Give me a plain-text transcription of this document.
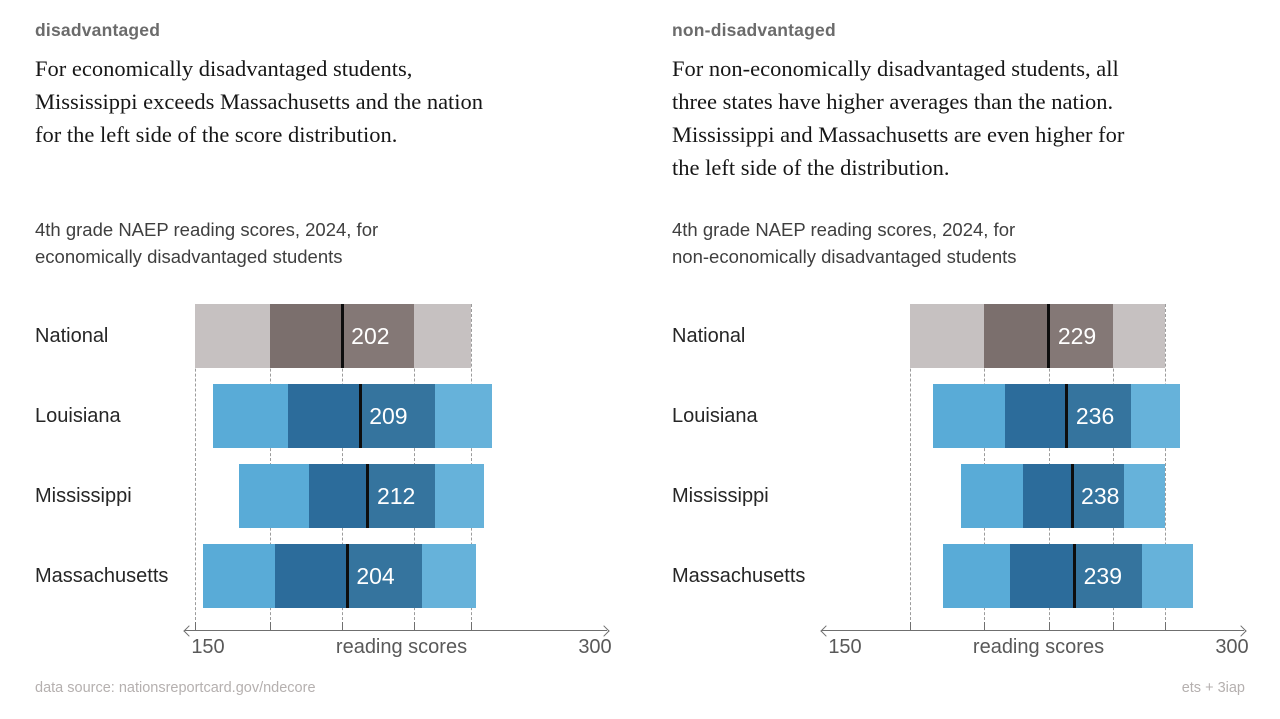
disadvantaged
For economically disadvantaged students,
Mississippi exceeds Massachusetts and the nation
for the left side of the score distribution.
4th grade NAEP reading scores, 2024, for
economically disadvantaged students
National	202
Louisiana	209
Mississippi	212
Massachusetts	204
150	reading scores	300
data source: nationsreportcard.gov/ndecore
non-disadvantaged
For non-economically disadvantaged students, all
three states have higher averages than the nation.
Mississippi and Massachusetts are even higher for
the left side of the distribution.
4th grade NAEP reading scores, 2024, for
non-economically disadvantaged students
National	229
Louisiana	236
Mississippi	238
Massachusetts	239
150	reading scores	300
ets + 3iap
